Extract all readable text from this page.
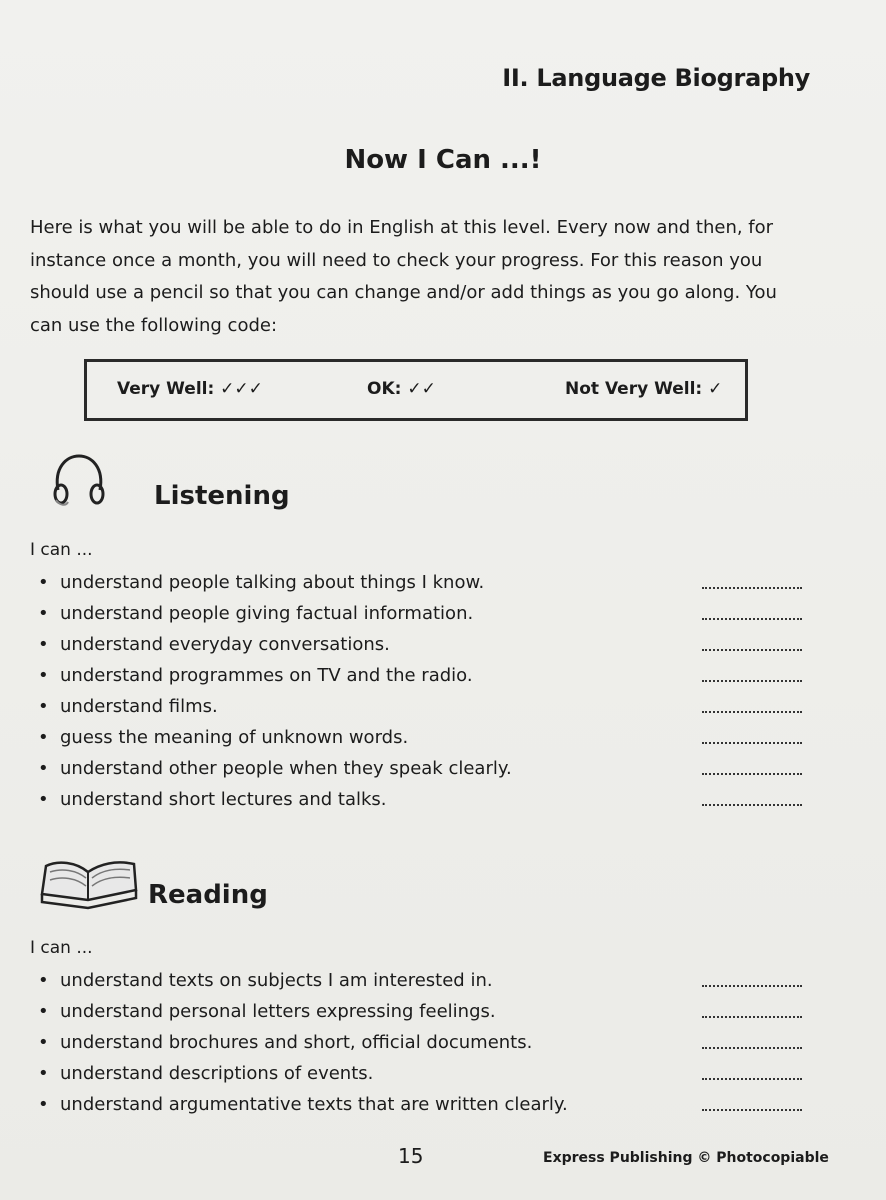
II. Language Biography
Now I Can ...!
Here is what you will be able to do in English at this level. Every now and then, for instance once a month, you will need to check your progress. For this reason you should use a pencil so that you can change and/or add things as you go along. You can use the following code:
Very Well: ✓✓✓	OK: ✓✓	Not Very Well: ✓
Listening
I can ...
• understand people talking about things I know.
• understand people giving factual information.
• understand everyday conversations.
• understand programmes on TV and the radio.
• understand films.
• guess the meaning of unknown words.
• understand other people when they speak clearly.
• understand short lectures and talks.
Reading
I can ...
• understand texts on subjects I am interested in.
• understand personal letters expressing feelings.
• understand brochures and short, official documents.
• understand descriptions of events.
• understand argumentative texts that are written clearly.
15	Express Publishing © Photocopiable
